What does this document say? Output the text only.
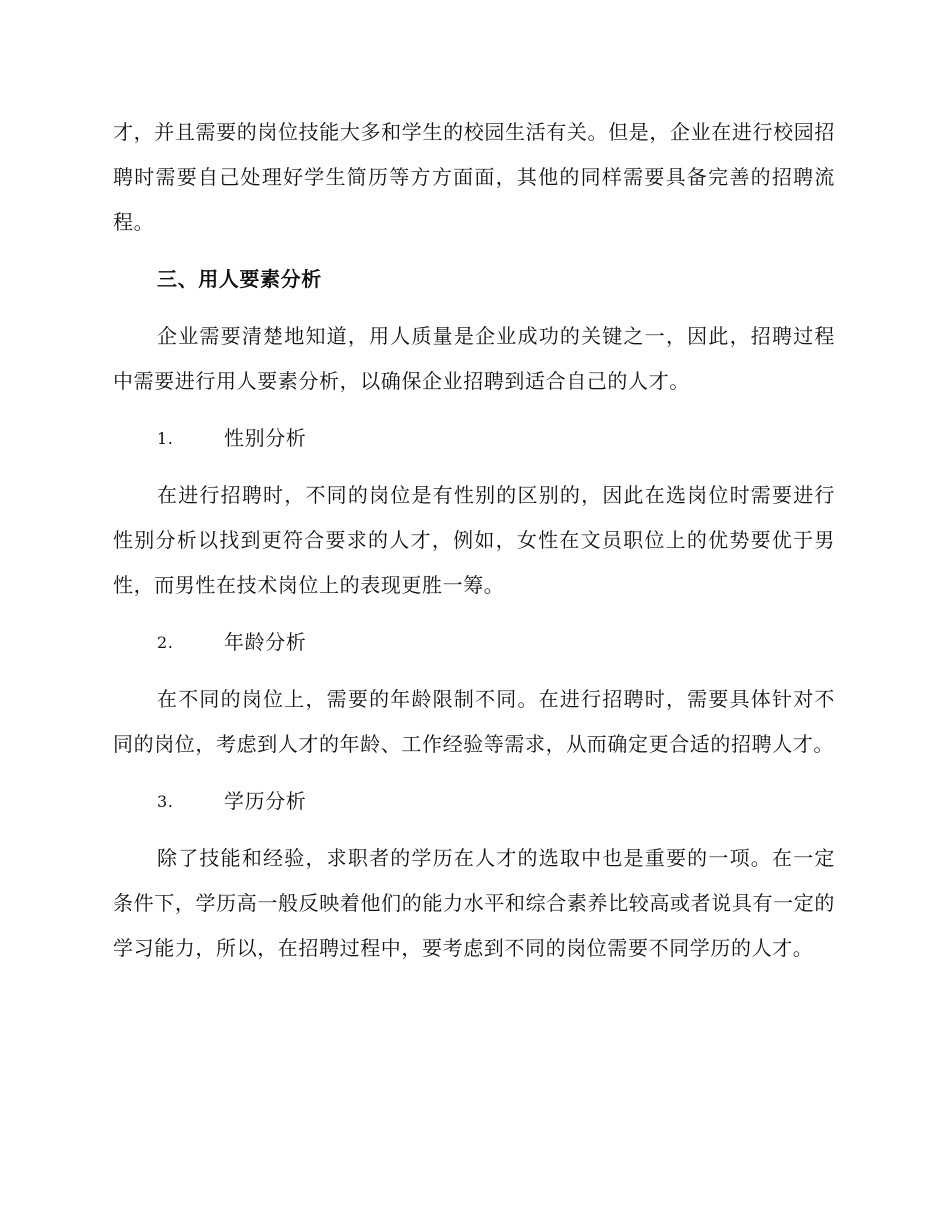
才，并且需要的岗位技能大多和学生的校园生活有关。但是，企业在进行校园招聘时需要自己处理好学生简历等方方面面，其他的同样需要具备完善的招聘流程。

三、用人要素分析

企业需要清楚地知道，用人质量是企业成功的关键之一，因此，招聘过程中需要进行用人要素分析，以确保企业招聘到适合自己的人才。

1.	性别分析

在进行招聘时，不同的岗位是有性别的区别的，因此在选岗位时需要进行性别分析以找到更符合要求的人才，例如，女性在文员职位上的优势要优于男性，而男性在技术岗位上的表现更胜一筹。

2.	年龄分析

在不同的岗位上，需要的年龄限制不同。在进行招聘时，需要具体针对不同的岗位，考虑到人才的年龄、工作经验等需求，从而确定更合适的招聘人才。

3.	学历分析

除了技能和经验，求职者的学历在人才的选取中也是重要的一项。在一定条件下，学历高一般反映着他们的能力水平和综合素养比较高或者说具有一定的学习能力，所以，在招聘过程中，要考虑到不同的岗位需要不同学历的人才。
